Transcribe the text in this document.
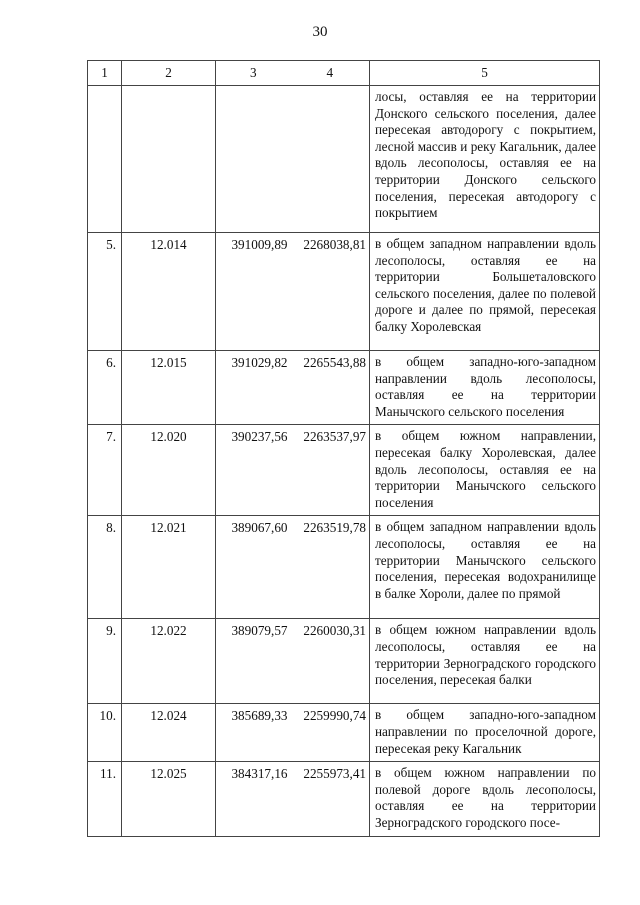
30
1	2	3	4	5
				лосы, оставляя ее на территории Донского сельского поселения, далее пересекая автодорогу с покрытием, лесной массив и реку Кагальник, далее вдоль лесополосы, оставляя ее на территории Донского сельского поселения, пересекая автодорогу с покрытием
5.	12.014	391009,89	2268038,81	в общем западном направлении вдоль лесополосы, оставляя ее на территории Большеталовского сельского поселения, далее по полевой дороге и далее по прямой, пересекая балку Хоролевская
6.	12.015	391029,82	2265543,88	в общем западно-юго-западном направлении вдоль лесополосы, оставляя ее на территории Манычского сельского поселения
7.	12.020	390237,56	2263537,97	в общем южном направлении, пересекая балку Хоролевская, далее вдоль лесополосы, оставляя ее на территории Манычского сельского поселения
8.	12.021	389067,60	2263519,78	в общем западном направлении вдоль лесополосы, оставляя ее на территории Манычского сельского поселения, пересекая водохранилище в балке Хороли, далее по прямой
9.	12.022	389079,57	2260030,31	в общем южном направлении вдоль лесополосы, оставляя ее на территории Зерноградского городского поселения, пересекая балки
10.	12.024	385689,33	2259990,74	в общем западно-юго-западном направлении по проселочной дороге, пересекая реку Кагальник
11.	12.025	384317,16	2255973,41	в общем южном направлении по полевой дороге вдоль лесополосы, оставляя ее на территории Зерноградского городского посе-
